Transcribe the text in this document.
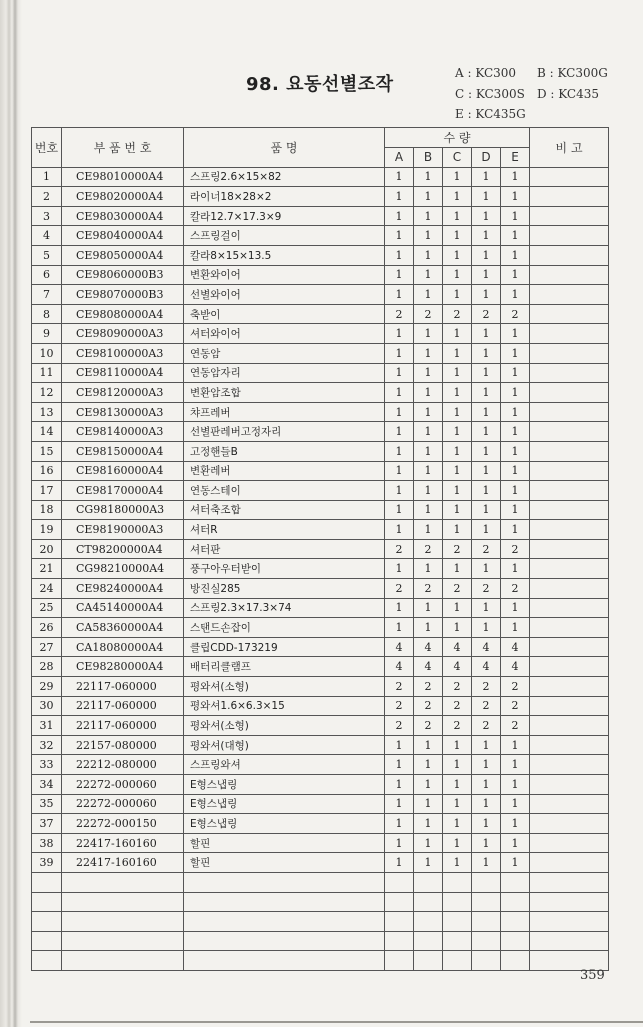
98. 요동선별조작
A : KC300 B : KC300G
C : KC300S D : KC435
E : KC435G
번호	부 품 번 호	품 명	수 량					비 고
			A	B	C	D	E	
1	CE98010000A4	스프링2.6×15×82	1	1	1	1	1	
2	CE98020000A4	라이너18×28×2	1	1	1	1	1	
3	CE98030000A4	칼라12.7×17.3×9	1	1	1	1	1	
4	CE98040000A4	스프링걸이	1	1	1	1	1	
5	CE98050000A4	칼라8×15×13.5	1	1	1	1	1	
6	CE98060000B3	변환와이어	1	1	1	1	1	
7	CE98070000B3	선별와이어	1	1	1	1	1	
8	CE98080000A4	축받이	2	2	2	2	2	
9	CE98090000A3	셔터와이어	1	1	1	1	1	
10	CE98100000A3	연동암	1	1	1	1	1	
11	CE98110000A4	연동암자리	1	1	1	1	1	
12	CE98120000A3	변환암조합	1	1	1	1	1	
13	CE98130000A3	챠프레버	1	1	1	1	1	
14	CE98140000A3	선별판레버고정자리	1	1	1	1	1	
15	CE98150000A4	고정핸들B	1	1	1	1	1	
16	CE98160000A4	변환레버	1	1	1	1	1	
17	CE98170000A4	연동스테이	1	1	1	1	1	
18	CG98180000A3	셔터축조합	1	1	1	1	1	
19	CE98190000A3	셔터R	1	1	1	1	1	
20	CT98200000A4	셔터판	2	2	2	2	2	
21	CG98210000A4	풍구아우터받이	1	1	1	1	1	
24	CE98240000A4	방진실285	2	2	2	2	2	
25	CA45140000A4	스프링2.3×17.3×74	1	1	1	1	1	
26	CA58360000A4	스탠드손잡이	1	1	1	1	1	
27	CA18080000A4	클립CDD-173219	4	4	4	4	4	
28	CE98280000A4	배터리클램프	4	4	4	4	4	
29	22117-060000	평와셔(소형)	2	2	2	2	2	
30	22117-060000	평와셔1.6×6.3×15	2	2	2	2	2	
31	22117-060000	평와셔(소형)	2	2	2	2	2	
32	22157-080000	평와셔(대형)	1	1	1	1	1	
33	22212-080000	스프링와셔	1	1	1	1	1	
34	22272-000060	E형스냅링	1	1	1	1	1	
35	22272-000060	E형스냅링	1	1	1	1	1	
37	22272-000150	E형스냅링	1	1	1	1	1	
38	22417-160160	할핀	1	1	1	1	1	
39	22417-160160	할핀	1	1	1	1	1	

359
